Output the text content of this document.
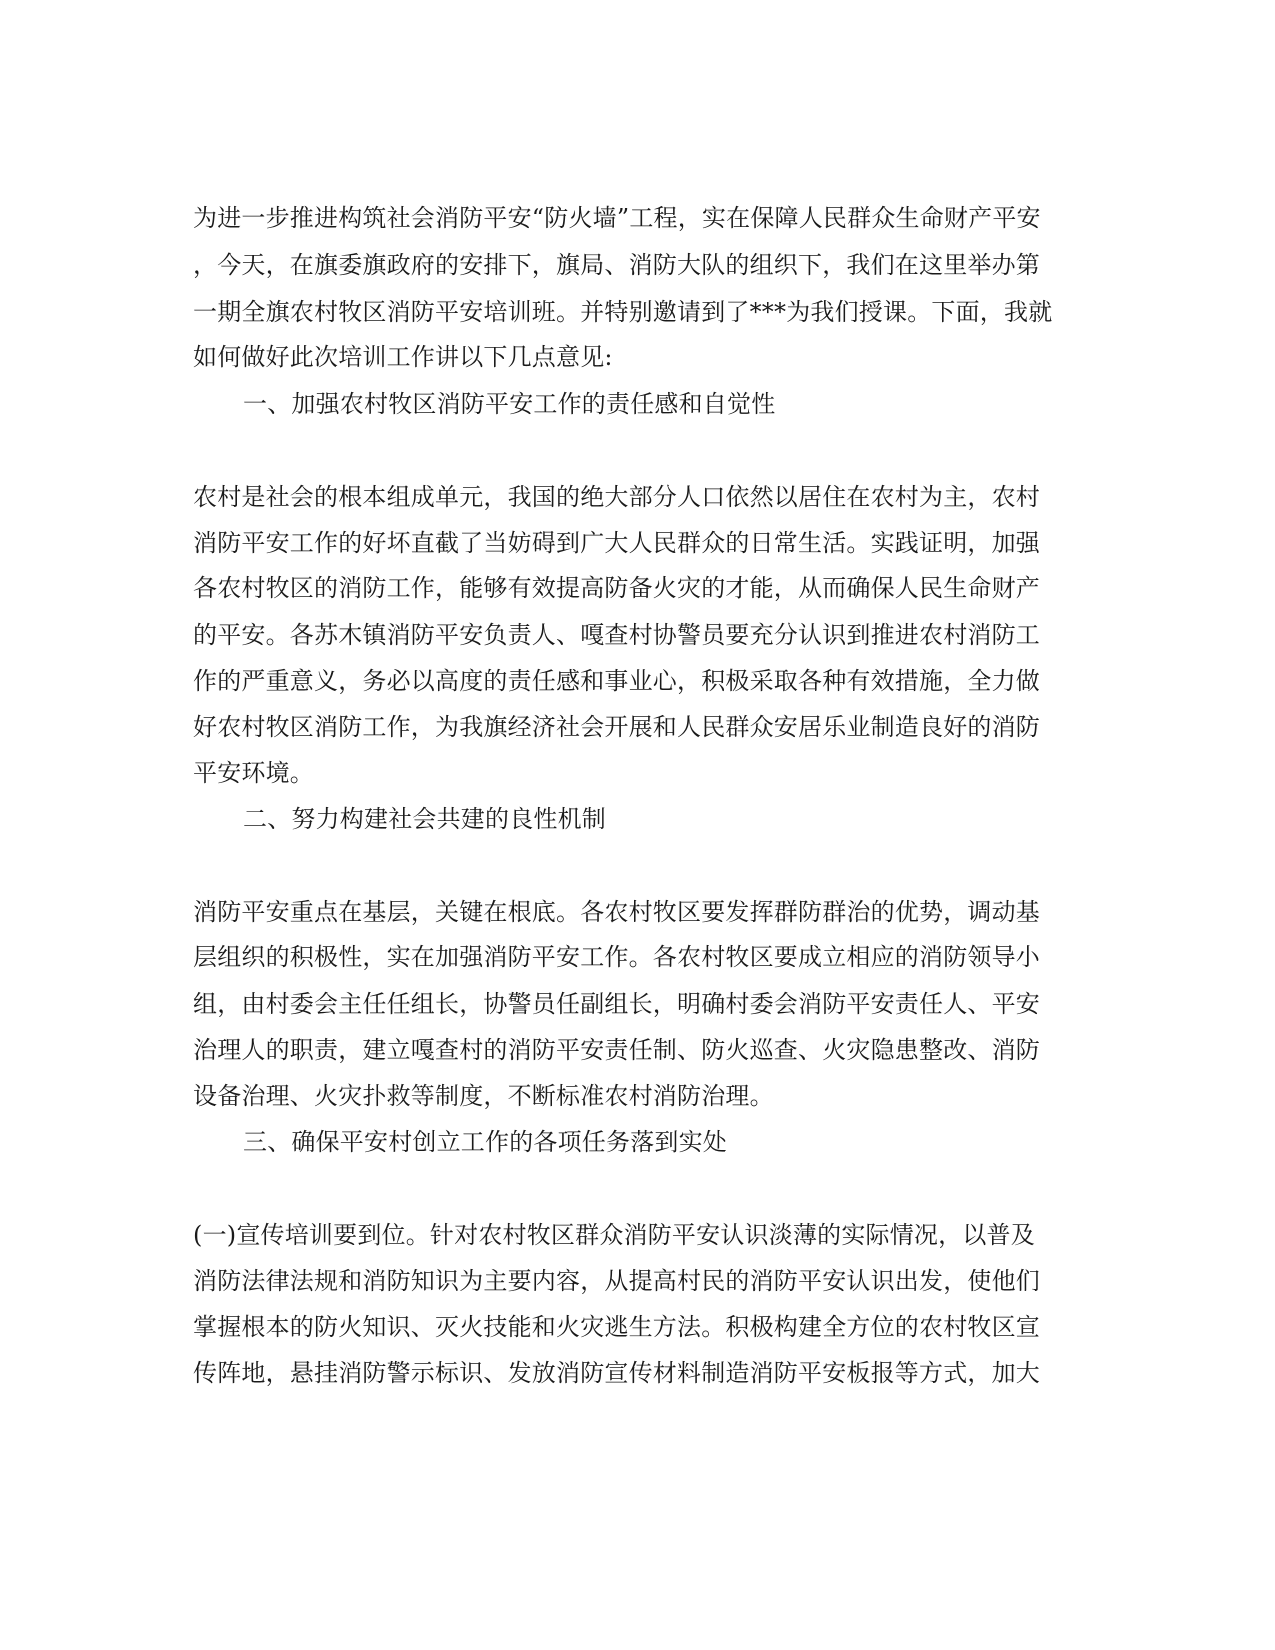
为进一步推进构筑社会消防平安“防火墙”工程，实在保障人民群众生命财产平安
，今天，在旗委旗政府的安排下，旗局、消防大队的组织下，我们在这里举办第
一期全旗农村牧区消防平安培训班。并特别邀请到了***为我们授课。下面，我就
如何做好此次培训工作讲以下几点意见:
一、加强农村牧区消防平安工作的责任感和自觉性
农村是社会的根本组成单元，我国的绝大部分人口依然以居住在农村为主，农村
消防平安工作的好坏直截了当妨碍到广大人民群众的日常生活。实践证明，加强
各农村牧区的消防工作，能够有效提高防备火灾的才能，从而确保人民生命财产
的平安。各苏木镇消防平安负责人、嘎查村协警员要充分认识到推进农村消防工
作的严重意义，务必以高度的责任感和事业心，积极采取各种有效措施，全力做
好农村牧区消防工作，为我旗经济社会开展和人民群众安居乐业制造良好的消防
平安环境。
二、努力构建社会共建的良性机制
消防平安重点在基层，关键在根底。各农村牧区要发挥群防群治的优势，调动基
层组织的积极性，实在加强消防平安工作。各农村牧区要成立相应的消防领导小
组，由村委会主任任组长，协警员任副组长，明确村委会消防平安责任人、平安
治理人的职责，建立嘎查村的消防平安责任制、防火巡查、火灾隐患整改、消防
设备治理、火灾扑救等制度，不断标准农村消防治理。
三、确保平安村创立工作的各项任务落到实处
(一)宣传培训要到位。针对农村牧区群众消防平安认识淡薄的实际情况，以普及
消防法律法规和消防知识为主要内容，从提高村民的消防平安认识出发，使他们
掌握根本的防火知识、灭火技能和火灾逃生方法。积极构建全方位的农村牧区宣
传阵地，悬挂消防警示标识、发放消防宣传材料制造消防平安板报等方式，加大
